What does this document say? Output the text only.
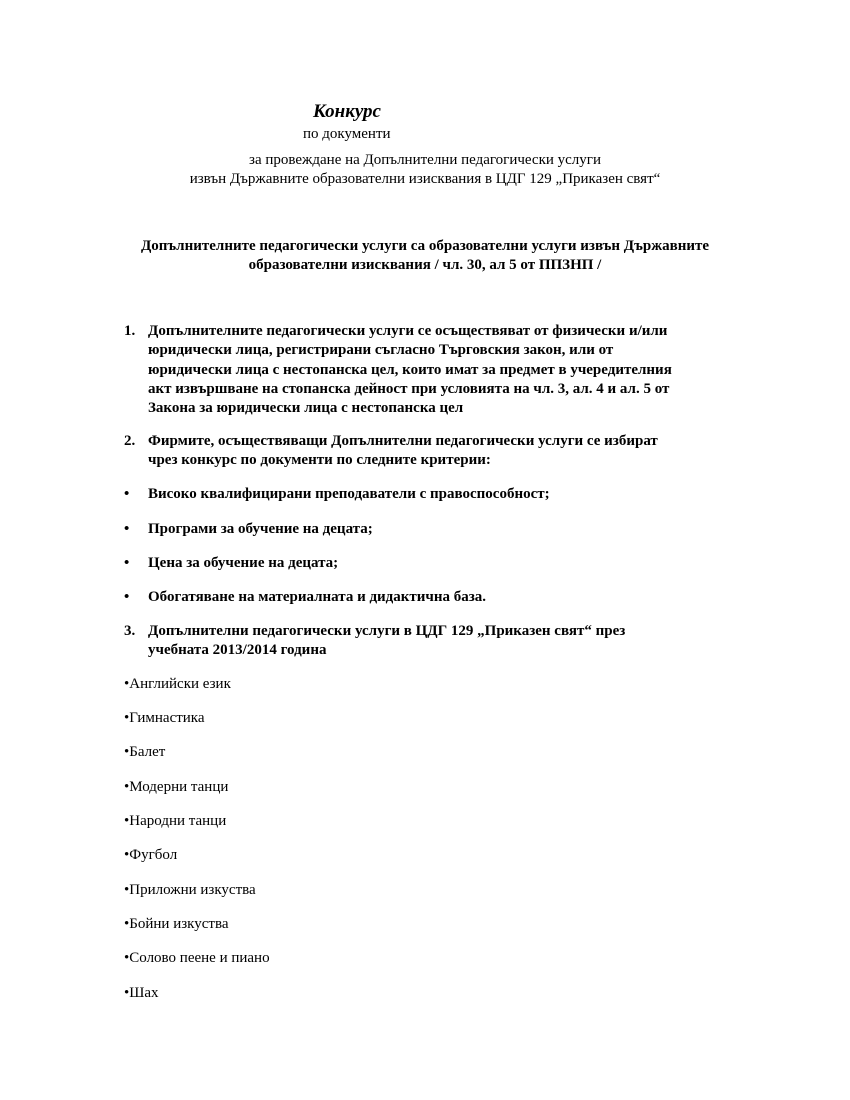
Конкурс
по документи
за провеждане на Допълнителни педагогически услуги
извън Държавните образователни изисквания в ЦДГ 129 „Приказен свят“
Допълнителните педагогически услуги са образователни услуги извън Държавните
образователни изисквания / чл. 30, ал 5 от ППЗНП /
1. Допълнителните педагогически услуги се осъществяват от физически и/или
юридически лица, регистрирани съгласно Търговския закон, или от
юридически лица с нестопанска цел, които имат за предмет в учередителния
акт извършване на стопанска дейност при условията на чл. 3, ал. 4 и ал. 5 от
Закона за юридически лица с нестопанска цел
2. Фирмите, осъществяващи Допълнителни педагогически услуги се избират
чрез конкурс по документи по следните критерии:
• Високо квалифицирани преподаватели с правоспособност;
• Програми за обучение на децата;
• Цена за обучение на децата;
• Обогатяване на материалната и дидактична база.
3. Допълнителни педагогически услуги в ЦДГ 129 „Приказен свят“ през
учебната 2013/2014 година
•Английски език
•Гимнастика
•Балет
•Модерни танци
•Народни танци
•Фугбол
•Приложни изкуства
•Бойни изкуства
•Солово пеене и пиано
•Шах
